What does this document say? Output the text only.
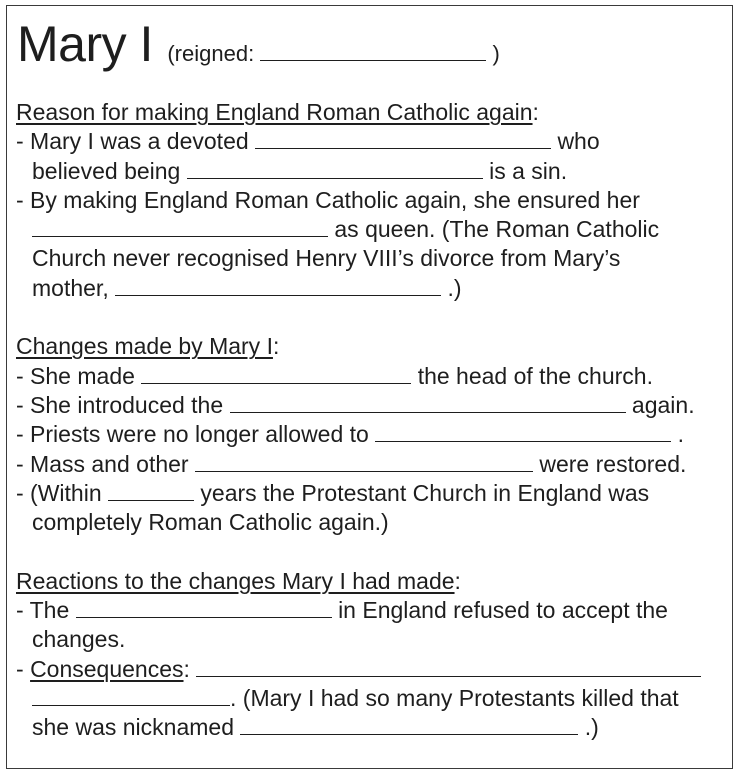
Mary I (reigned:	)
Reason for making England Roman Catholic again:
- Mary I was a devoted	who
believed being	is a sin.
- By making England Roman Catholic again, she ensured her
as queen. (The Roman Catholic
Church never recognised Henry VIII’s divorce from Mary’s
mother,	.)
Changes made by Mary I:
- She made	the head of the church.
- She introduced the	again.
- Priests were no longer allowed to	.
- Mass and other	were restored.
- (Within	years the Protestant Church in England was
completely Roman Catholic again.)
Reactions to the changes Mary I had made:
- The	in England refused to accept the
changes.
- Consequences:
. (Mary I had so many Protestants killed that
she was nicknamed	.)
